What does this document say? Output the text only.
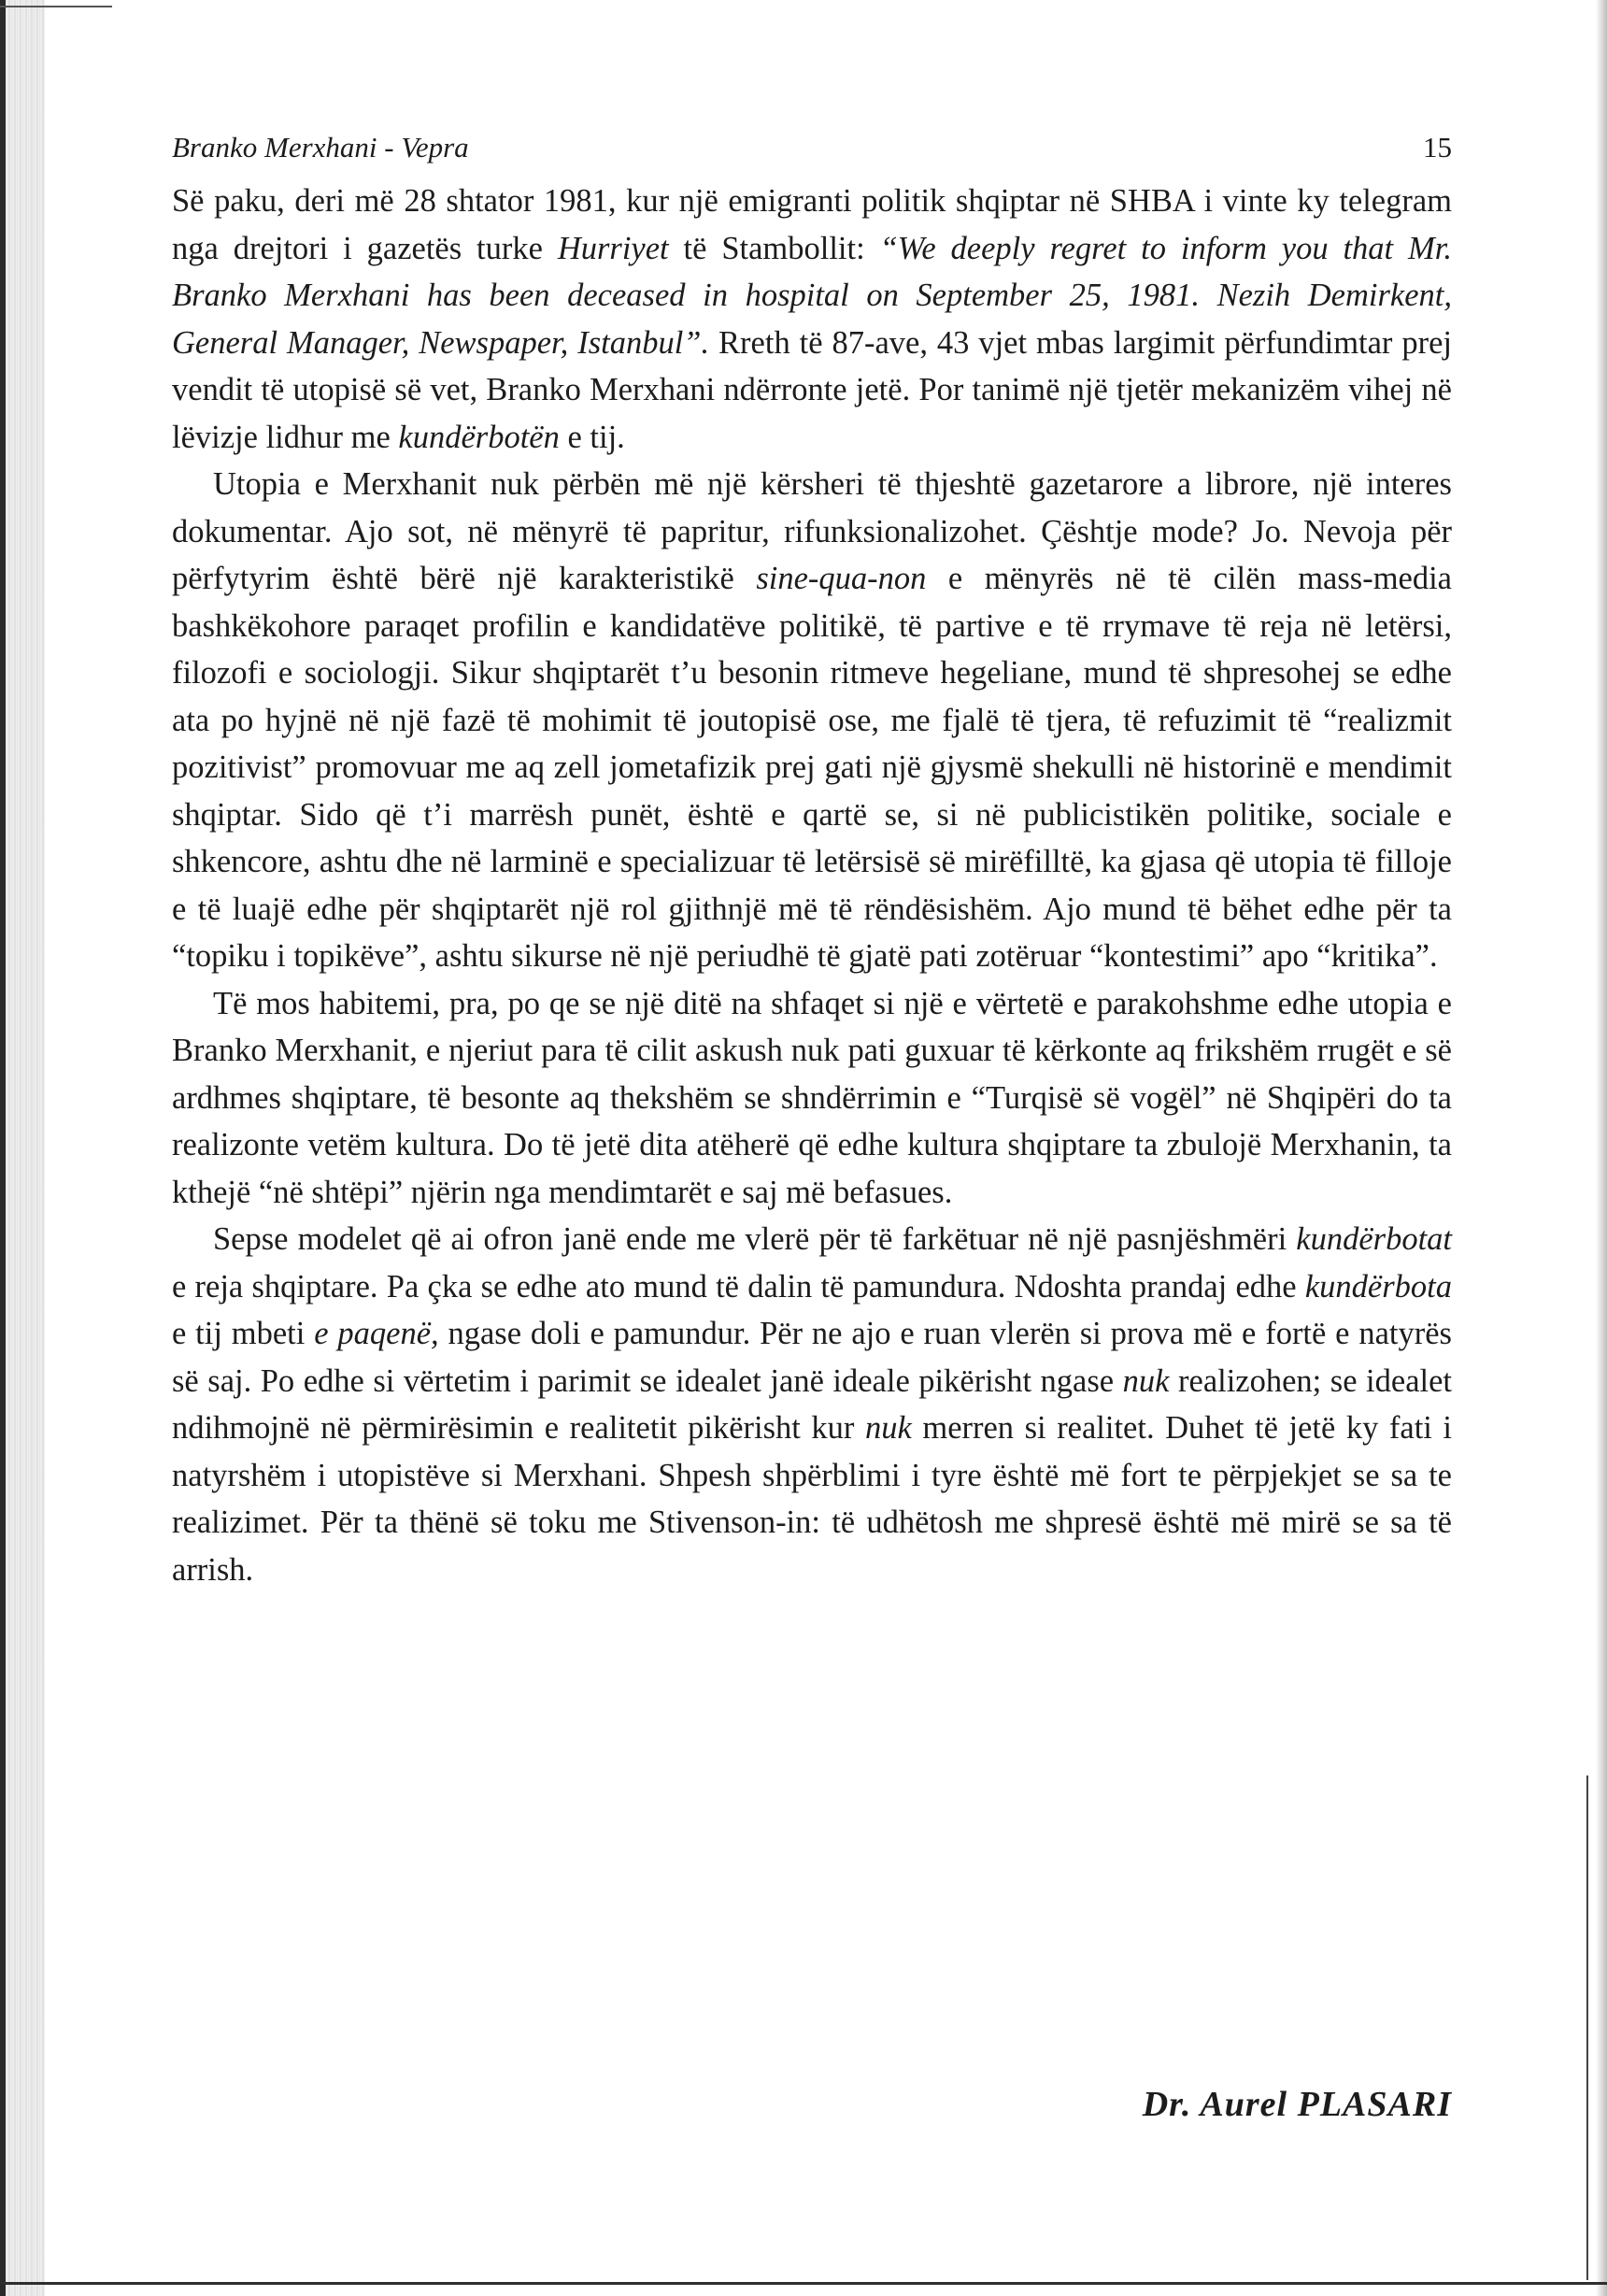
Branko Merxhani - Vepra	15

Së paku, deri më 28 shtator 1981, kur një emigranti politik shqiptar në SHBA i vinte ky telegram nga drejtori i gazetës turke Hurriyet të Stambollit: “We deeply regret to inform you that Mr. Branko Merxhani has been deceased in hospital on September 25, 1981. Nezih Demirkent, General Manager, Newspaper, Istanbul”. Rreth të 87-ave, 43 vjet mbas largimit përfundimtar prej vendit të utopisë së vet, Branko Merxhani ndërronte jetë. Por tanimë një tjetër mekanizëm vihej në lëvizje lidhur me kundërbotën e tij.

Utopia e Merxhanit nuk përbën më një kërsheri të thjeshtë gazetarore a librore, një interes dokumentar. Ajo sot, në mënyrë të papritur, rifunksionalizohet. Çështje mode? Jo. Nevoja për përfytyrim është bërë një karakteristikë sine-qua-non e mënyrës në të cilën mass-media bashkëkohore paraqet profilin e kandidatëve politikë, të partive e të rrymave të reja në letërsi, filozofi e sociologji. Sikur shqiptarët t’u besonin ritmeve hegeliane, mund të shpresohej se edhe ata po hyjnë në një fazë të mohimit të joutopisë ose, me fjalë të tjera, të refuzimit të “realizmit pozitivist” promovuar me aq zell jometafizik prej gati një gjysmë shekulli në historinë e mendimit shqiptar. Sido që t’i marrësh punët, është e qartë se, si në publicistikën politike, sociale e shkencore, ashtu dhe në larminë e specializuar të letërsisë së mirëfilltë, ka gjasa që utopia të filloje e të luajë edhe për shqiptarët një rol gjithnjë më të rëndësishëm. Ajo mund të bëhet edhe për ta “topiku i topikëve”, ashtu sikurse në një periudhë të gjatë pati zotëruar “kontestimi” apo “kritika”.

Të mos habitemi, pra, po qe se një ditë na shfaqet si një e vërtetë e parakohshme edhe utopia e Branko Merxhanit, e njeriut para të cilit askush nuk pati guxuar të kërkonte aq frikshëm rrugët e së ardhmes shqiptare, të besonte aq thekshëm se shndërrimin e “Turqisë së vogël” në Shqipëri do ta realizonte vetëm kultura. Do të jetë dita atëherë që edhe kultura shqiptare ta zbulojë Merxhanin, ta kthejë “në shtëpi” njërin nga mendimtarët e saj më befasues.

Sepse modelet që ai ofron janë ende me vlerë për të farkëtuar në një pasnjëshmëri kundërbotat e reja shqiptare. Pa çka se edhe ato mund të dalin të pamundura. Ndoshta prandaj edhe kundërbota e tij mbeti e paqenë, ngase doli e pamundur. Për ne ajo e ruan vlerën si prova më e fortë e natyrës së saj. Po edhe si vërtetim i parimit se idealet janë ideale pikërisht ngase nuk realizohen; se idealet ndihmojnë në përmirësimin e realitetit pikërisht kur nuk merren si realitet. Duhet të jetë ky fati i natyrshëm i utopistëve si Merxhani. Shpesh shpërblimi i tyre është më fort te përpjekjet se sa te realizimet. Për ta thënë së toku me Stivenson-in: të udhëtosh me shpresë është më mirë se sa të arrish.

Dr. Aurel PLASARI
